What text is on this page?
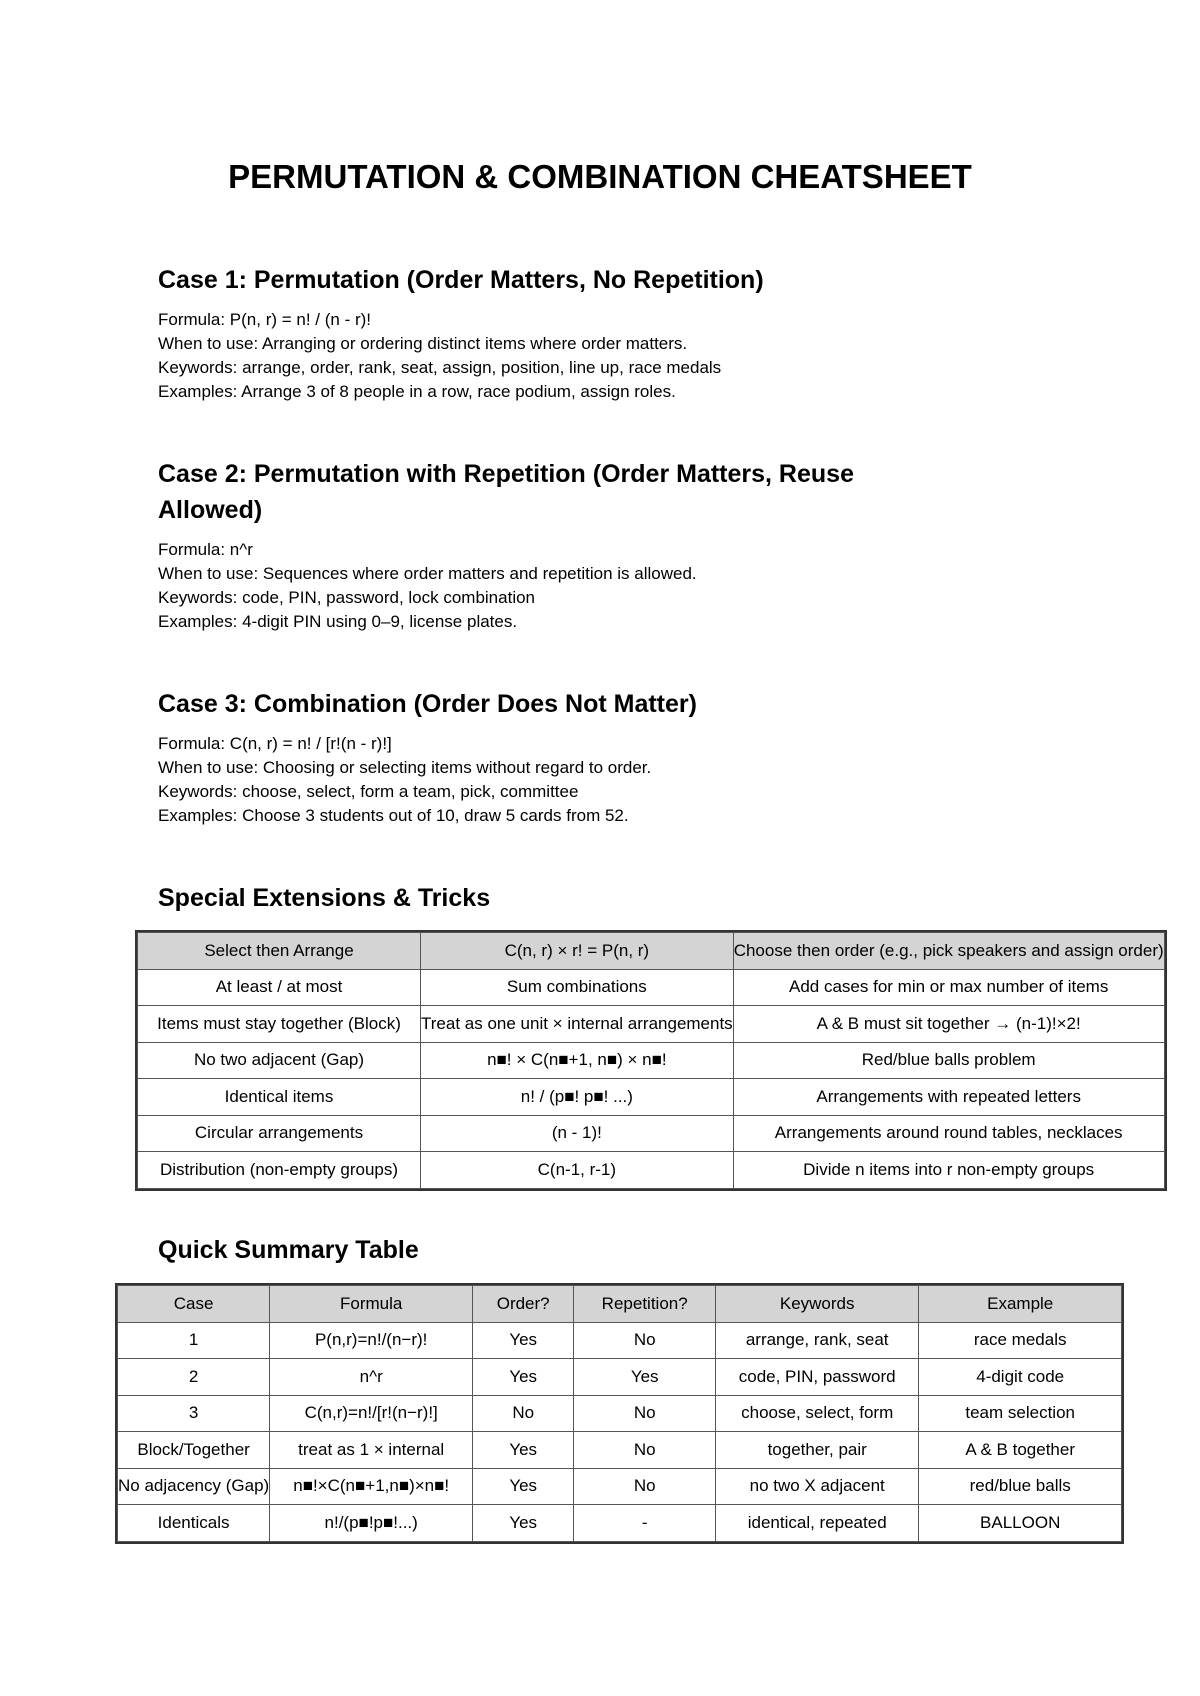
PERMUTATION & COMBINATION CHEATSHEET
Case 1: Permutation (Order Matters, No Repetition)
Formula: P(n, r) = n! / (n - r)!
When to use: Arranging or ordering distinct items where order matters.
Keywords: arrange, order, rank, seat, assign, position, line up, race medals
Examples: Arrange 3 of 8 people in a row, race podium, assign roles.
Case 2: Permutation with Repetition (Order Matters, Reuse
Allowed)
Formula: n^r
When to use: Sequences where order matters and repetition is allowed.
Keywords: code, PIN, password, lock combination
Examples: 4-digit PIN using 0–9, license plates.
Case 3: Combination (Order Does Not Matter)
Formula: C(n, r) = n! / [r!(n - r)!]
When to use: Choosing or selecting items without regard to order.
Keywords: choose, select, form a team, pick, committee
Examples: Choose 3 students out of 10, draw 5 cards from 52.
Special Extensions & Tricks
Select then Arrange	C(n, r) × r! = P(n, r)	Choose then order (e.g., pick speakers and assign order)
At least / at most	Sum combinations	Add cases for min or max number of items
Items must stay together (Block)	Treat as one unit × internal arrangements	A & B must sit together → (n-1)!×2!
No two adjacent (Gap)	n■! × C(n■+1, n■) × n■!	Red/blue balls problem
Identical items	n! / (p■! p■! ...)	Arrangements with repeated letters
Circular arrangements	(n - 1)!	Arrangements around round tables, necklaces
Distribution (non-empty groups)	C(n-1, r-1)	Divide n items into r non-empty groups
Quick Summary Table
Case	Formula	Order?	Repetition?	Keywords	Example
1	P(n,r)=n!/(n−r)!	Yes	No	arrange, rank, seat	race medals
2	n^r	Yes	Yes	code, PIN, password	4-digit code
3	C(n,r)=n!/[r!(n−r)!]	No	No	choose, select, form	team selection
Block/Together	treat as 1 × internal	Yes	No	together, pair	A & B together
No adjacency (Gap)	n■!×C(n■+1,n■)×n■!	Yes	No	no two X adjacent	red/blue balls
Identicals	n!/(p■!p■!...)	Yes	-	identical, repeated	BALLOON
